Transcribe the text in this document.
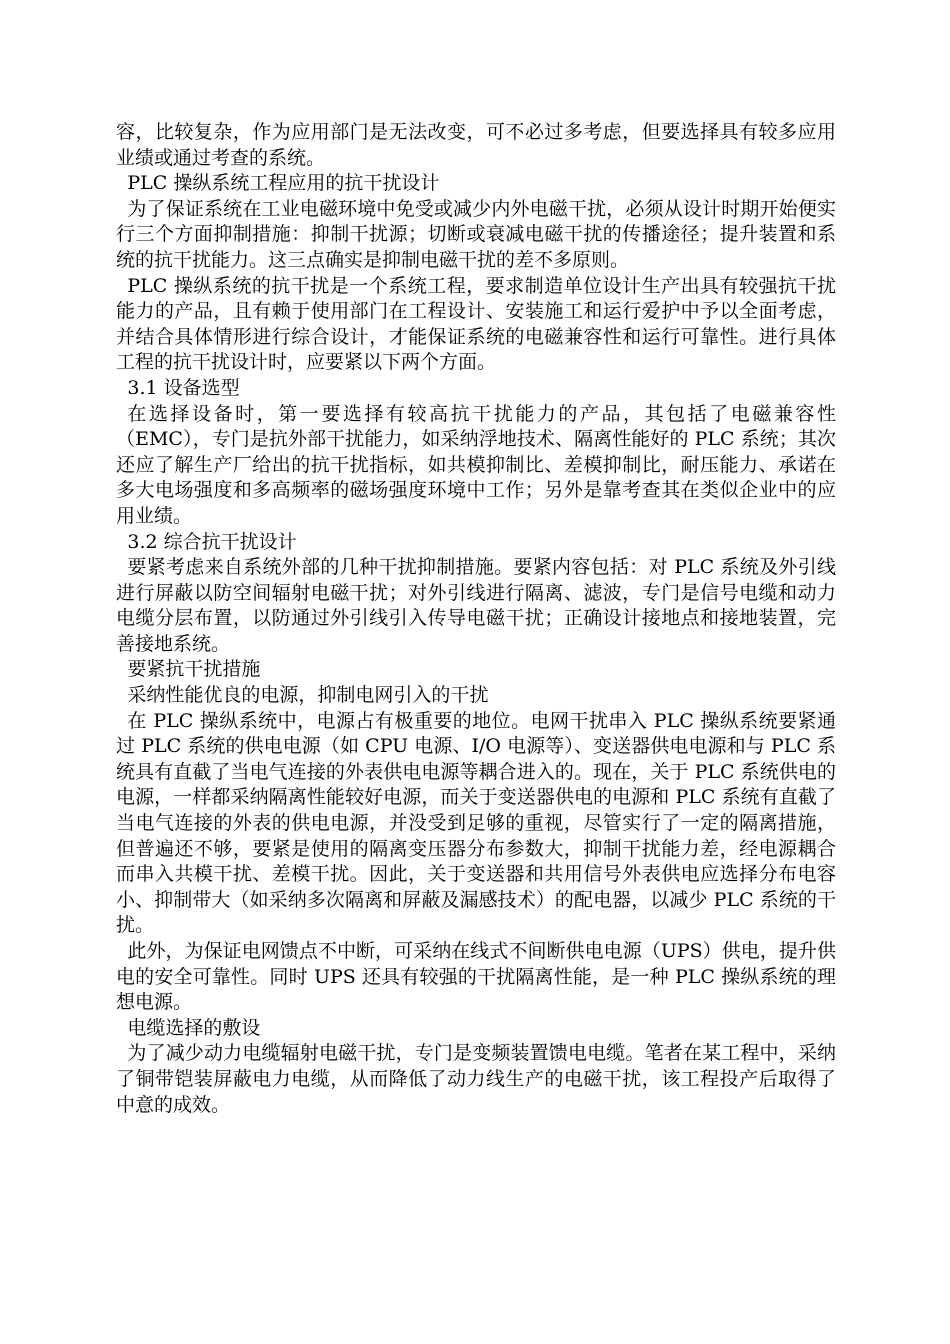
容，比较复杂，作为应用部门是无法改变，可不必过多考虑，但要选择具有较多应用业绩或通过考查的系统。

PLC 操纵系统工程应用的抗干扰设计

为了保证系统在工业电磁环境中免受或减少内外电磁干扰，必须从设计时期开始便实行三个方面抑制措施：抑制干扰源；切断或衰减电磁干扰的传播途径；提升装置和系统的抗干扰能力。这三点确实是抑制电磁干扰的差不多原则。

PLC 操纵系统的抗干扰是一个系统工程，要求制造单位设计生产出具有较强抗干扰能力的产品，且有赖于使用部门在工程设计、安装施工和运行爱护中予以全面考虑，并结合具体情形进行综合设计，才能保证系统的电磁兼容性和运行可靠性。进行具体工程的抗干扰设计时，应要紧以下两个方面。

3.1 设备选型

在选择设备时，第一要选择有较高抗干扰能力的产品，其包括了电磁兼容性（EMC），专门是抗外部干扰能力，如采纳浮地技术、隔离性能好的 PLC 系统；其次还应了解生产厂给出的抗干扰指标，如共模抑制比、差模抑制比，耐压能力、承诺在多大电场强度和多高频率的磁场强度环境中工作；另外是靠考查其在类似企业中的应用业绩。

3.2 综合抗干扰设计

要紧考虑来自系统外部的几种干扰抑制措施。要紧内容包括：对 PLC 系统及外引线进行屏蔽以防空间辐射电磁干扰；对外引线进行隔离、滤波，专门是信号电缆和动力电缆分层布置，以防通过外引线引入传导电磁干扰；正确设计接地点和接地装置，完善接地系统。

要紧抗干扰措施

采纳性能优良的电源，抑制电网引入的干扰

在 PLC 操纵系统中，电源占有极重要的地位。电网干扰串入 PLC 操纵系统要紧通过 PLC 系统的供电电源（如 CPU 电源、I/O 电源等）、变送器供电电源和与 PLC 系统具有直截了当电气连接的外表供电电源等耦合进入的。现在，关于 PLC 系统供电的电源，一样都采纳隔离性能较好电源，而关于变送器供电的电源和 PLC 系统有直截了当电气连接的外表的供电电源，并没受到足够的重视，尽管实行了一定的隔离措施，但普遍还不够，要紧是使用的隔离变压器分布参数大，抑制干扰能力差，经电源耦合而串入共模干扰、差模干扰。因此，关于变送器和共用信号外表供电应选择分布电容小、抑制带大（如采纳多次隔离和屏蔽及漏感技术）的配电器，以减少 PLC 系统的干扰。

此外，为保证电网馈点不中断，可采纳在线式不间断供电电源（UPS）供电，提升供电的安全可靠性。同时 UPS 还具有较强的干扰隔离性能，是一种 PLC 操纵系统的理想电源。

电缆选择的敷设

为了减少动力电缆辐射电磁干扰，专门是变频装置馈电电缆。笔者在某工程中，采纳了铜带铠装屏蔽电力电缆，从而降低了动力线生产的电磁干扰，该工程投产后取得了中意的成效。
